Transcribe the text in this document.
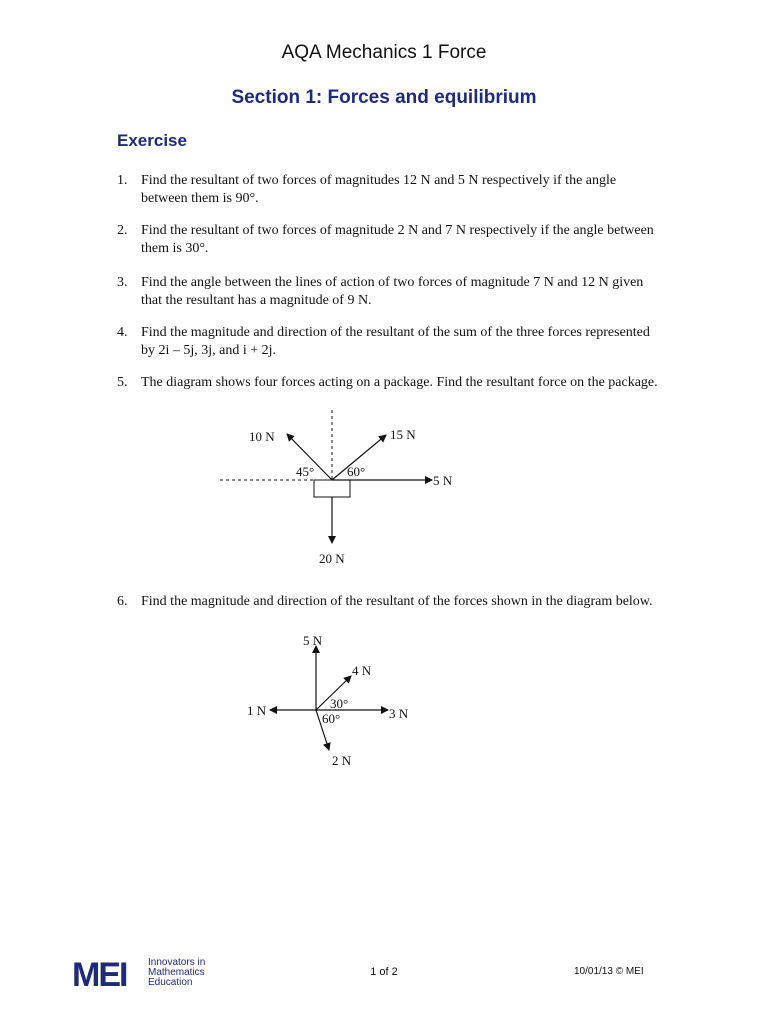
AQA Mechanics 1 Force
Section 1: Forces and equilibrium
Exercise
1. Find the resultant of two forces of magnitudes 12 N and 5 N respectively if the angle between them is 90°.
2. Find the resultant of two forces of magnitude 2 N and 7 N respectively if the angle between them is 30°.
3. Find the angle between the lines of action of two forces of magnitude 7 N and 12 N given that the resultant has a magnitude of 9 N.
4. Find the magnitude and direction of the resultant of the sum of the three forces represented by 2i – 5j, 3j, and i + 2j.
5. The diagram shows four forces acting on a package. Find the resultant force on the package.
10 N	15 N
5 N
20 N
45°	60°
6. Find the magnitude and direction of the resultant of the forces shown in the diagram below.
5 N
4 N
1 N	3 N
2 N
30°
60°
MEI Innovators in
Mathematics
Education
1 of 2	10/01/13 © MEI
